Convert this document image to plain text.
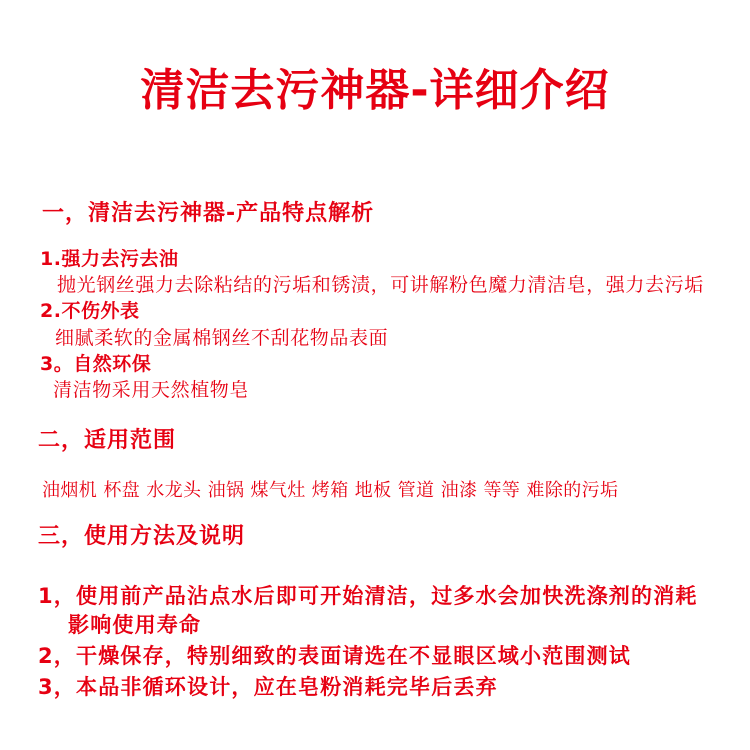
清洁去污神器-详细介绍
一，清洁去污神器-产品特点解析
1.强力去污去油
抛光钢丝强力去除粘结的污垢和锈渍，可讲解粉色魔力清洁皂，强力去污垢
2.不伤外表
细腻柔软的金属棉钢丝不刮花物品表面
3。自然环保
清洁物采用天然植物皂
二，适用范围
油烟机 杯盘 水龙头 油锅 煤气灶 烤箱 地板 管道 油漆 等等 难除的污垢
三，使用方法及说明
1，使用前产品沾点水后即可开始清洁，过多水会加快洗涤剂的消耗
影响使用寿命
2，干燥保存，特别细致的表面请选在不显眼区域小范围测试
3，本品非循环设计，应在皂粉消耗完毕后丢弃
